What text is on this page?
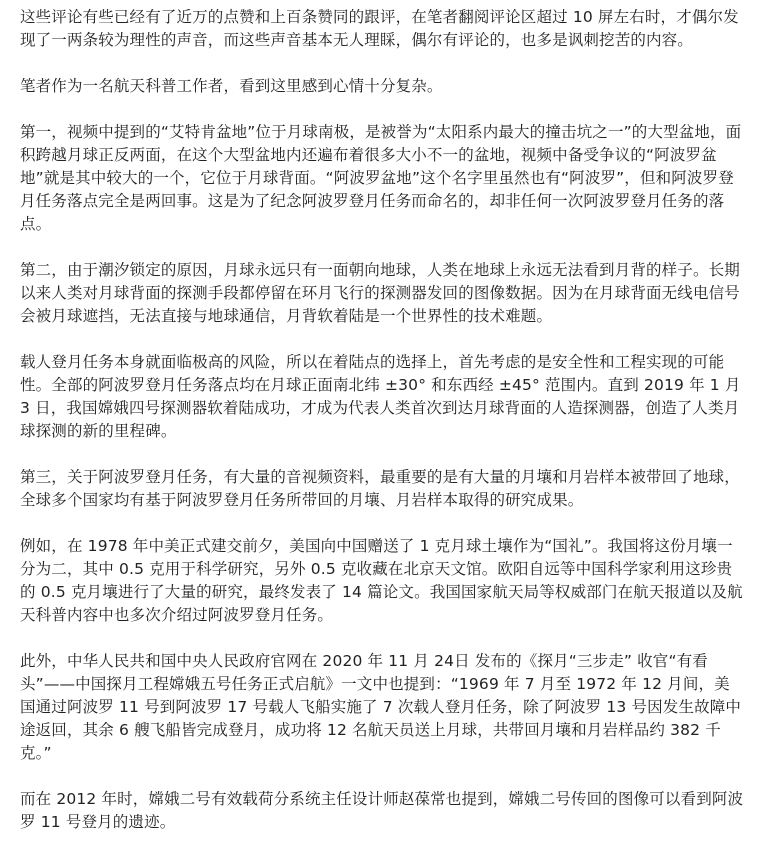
这些评论有些已经有了近万的点赞和上百条赞同的跟评，在笔者翻阅评论区超过 10 屏左右时，才偶尔发现了一两条较为理性的声音，而这些声音基本无人理睬，偶尔有评论的，也多是讽刺挖苦的内容。

笔者作为一名航天科普工作者，看到这里感到心情十分复杂。

第一，视频中提到的“艾特肯盆地”位于月球南极，是被誉为“太阳系内最大的撞击坑之一”的大型盆地，面积跨越月球正反两面，在这个大型盆地内还遍布着很多大小不一的盆地，视频中备受争议的“阿波罗盆地”就是其中较大的一个，它位于月球背面。“阿波罗盆地”这个名字里虽然也有“阿波罗”，但和阿波罗登月任务落点完全是两回事。这是为了纪念阿波罗登月任务而命名的，却非任何一次阿波罗登月任务的落点。

第二，由于潮汐锁定的原因，月球永远只有一面朝向地球，人类在地球上永远无法看到月背的样子。长期以来人类对月球背面的探测手段都停留在环月飞行的探测器发回的图像数据。因为在月球背面无线电信号会被月球遮挡，无法直接与地球通信，月背软着陆是一个世界性的技术难题。

载人登月任务本身就面临极高的风险，所以在着陆点的选择上，首先考虑的是安全性和工程实现的可能性。全部的阿波罗登月任务落点均在月球正面南北纬 ±30° 和东西经 ±45° 范围内。直到 2019 年 1 月 3 日，我国嫦娥四号探测器软着陆成功，才成为代表人类首次到达月球背面的人造探测器，创造了人类月球探测的新的里程碑。

第三，关于阿波罗登月任务，有大量的音视频资料，最重要的是有大量的月壤和月岩样本被带回了地球，全球多个国家均有基于阿波罗登月任务所带回的月壤、月岩样本取得的研究成果。

例如，在 1978 年中美正式建交前夕，美国向中国赠送了 1 克月球土壤作为“国礼”。我国将这份月壤一分为二，其中 0.5 克用于科学研究，另外 0.5 克收藏在北京天文馆。欧阳自远等中国科学家利用这珍贵的 0.5 克月壤进行了大量的研究，最终发表了 14 篇论文。我国国家航天局等权威部门在航天报道以及航天科普内容中也多次介绍过阿波罗登月任务。

此外，中华人民共和国中央人民政府官网在 2020 年 11 月 24日 发布的《探月“三步走” 收官“有看头”——中国探月工程嫦娥五号任务正式启航》一文中也提到：“1969 年 7 月至 1972 年 12 月间，美国通过阿波罗 11 号到阿波罗 17 号载人飞船实施了 7 次载人登月任务，除了阿波罗 13 号因发生故障中途返回，其余 6 艘飞船皆完成登月，成功将 12 名航天员送上月球，共带回月壤和月岩样品约 382 千克。”

而在 2012 年时，嫦娥二号有效载荷分系统主任设计师赵葆常也提到，嫦娥二号传回的图像可以看到阿波罗 11 号登月的遗迹。
